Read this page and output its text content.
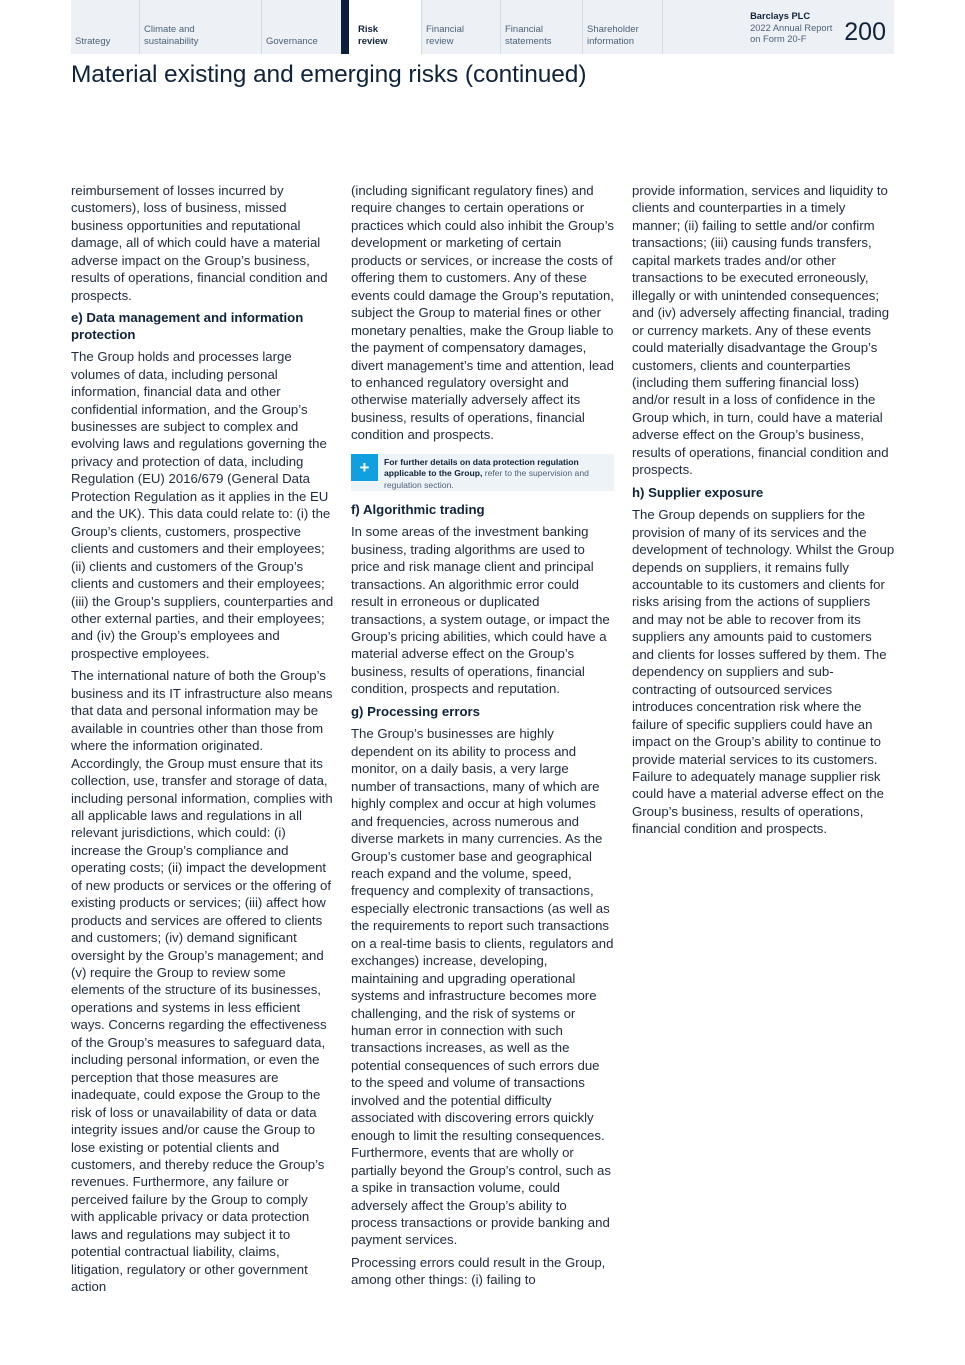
Strategy
Climate and
sustainability	Governance
Risk
review
Financial
review
Financial
statements
Shareholder
information
Barclays PLC
2022 Annual Report
on Form 20-F	200
Material existing and emerging risks (continued)

reimbursement of losses incurred by customers), loss of business, missed business opportunities and reputational damage, all of which could have a material adverse impact on the Group’s business, results of operations, financial condition and prospects.

e) Data management and information protection

The Group holds and processes large volumes of data, including personal information, financial data and other confidential information, and the Group’s businesses are subject to complex and evolving laws and regulations governing the privacy and protection of data, including Regulation (EU) 2016/679 (General Data Protection Regulation as it applies in the EU and the UK). This data could relate to: (i) the Group’s clients, customers, prospective clients and customers and their employees; (ii) clients and customers of the Group’s clients and customers and their employees;(iii) the Group’s suppliers, counterparties and other external parties, and their employees; and (iv) the Group’s employees and prospective employees.

The international nature of both the Group’s business and its IT infrastructure also means that data and personal information may be available in countries other than those from where the information originated. Accordingly, the Group must ensure that its collection, use, transfer and storage of data, including personal information, complies with all applicable laws and regulations in all relevant jurisdictions, which could: (i) increase the Group’s compliance and operating costs; (ii) impact the development of new products or services or the offering of existing products or services; (iii) affect how products and services are offered to clients and customers; (iv) demand significant oversight by the Group’s management; and (v) require the Group to review some elements of the structure of its businesses, operations and systems in less efficient ways. Concerns regarding the effectiveness of the Group’s measures to safeguard data, including personal information, or even the perception that those measures are inadequate, could expose the Group to the risk of loss or unavailability of data or data integrity issues and/or cause the Group to lose existing or potential clients and customers, and thereby reduce the Group’s revenues. Furthermore, any failure or perceived failure by the Group to comply with applicable privacy or data protection laws and regulations may subject it to potential contractual liability, claims, litigation, regulatory or other government action

(including significant regulatory fines) and require changes to certain operations or practices which could also inhibit the Group’s development or marketing of certain products or services, or increase the costs of offering them to customers. Any of these events could damage the Group’s reputation, subject the Group to material fines or other monetary penalties, make the Group liable to the payment of compensatory damages, divert management’s time and attention, lead to enhanced regulatory oversight and otherwise materially adversely affect its business, results of operations, financial condition and prospects.

+	For further details on data protection regulation applicable to the Group, refer to the supervision and regulation section.
f) Algorithmic trading

In some areas of the investment banking business, trading algorithms are used to price and risk manage client and principal transactions. An algorithmic error could result in erroneous or duplicated transactions, a system outage, or impact the Group’s pricing abilities, which could have a material adverse effect on the Group’s business, results of operations, financial condition, prospects and reputation.

g) Processing errors

The Group’s businesses are highly dependent on its ability to process and monitor, on a daily basis, a very large number of transactions, many of which are highly complex and occur at high volumes and frequencies, across numerous and diverse markets in many currencies. As the Group’s customer base and geographical reach expand and the volume, speed, frequency and complexity of transactions, especially electronic transactions (as well as the requirements to report such transactions on a real-time basis to clients, regulators and exchanges) increase, developing, maintaining and upgrading operational systems and infrastructure becomes more challenging, and the risk of systems or human error in connection with such transactions increases, as well as the potential consequences of such errors due to the speed and volume of transactions involved and the potential difficulty associated with discovering errors quickly enough to limit the resulting consequences. Furthermore, events that are wholly or partially beyond the Group’s control, such as a spike in transaction volume, could adversely affect the Group’s ability to process transactions or provide banking and payment services.

Processing errors could result in the Group, among other things: (i) failing to

provide information, services and liquidity to clients and counterparties in a timely manner; (ii) failing to settle and/or confirm transactions; (iii) causing funds transfers, capital markets trades and/or other transactions to be executed erroneously, illegally or with unintended consequences; and (iv) adversely affecting financial, trading or currency markets. Any of these events could materially disadvantage the Group’s customers, clients and counterparties (including them suffering financial loss) and/or result in a loss of confidence in the Group which, in turn, could have a material adverse effect on the Group’s business, results of operations, financial condition and prospects.

h) Supplier exposure

The Group depends on suppliers for the provision of many of its services and the development of technology. Whilst the Group depends on suppliers, it remains fully accountable to its customers and clients for risks arising from the actions of suppliers and may not be able to recover from its suppliers any amounts paid to customers and clients for losses suffered by them. The dependency on suppliers and sub-contracting of outsourced services introduces concentration risk where the failure of specific suppliers could have an impact on the Group’s ability to continue to provide material services to its customers. Failure to adequately manage supplier risk could have a material adverse effect on the Group’s business, results of operations, financial condition and prospects.
